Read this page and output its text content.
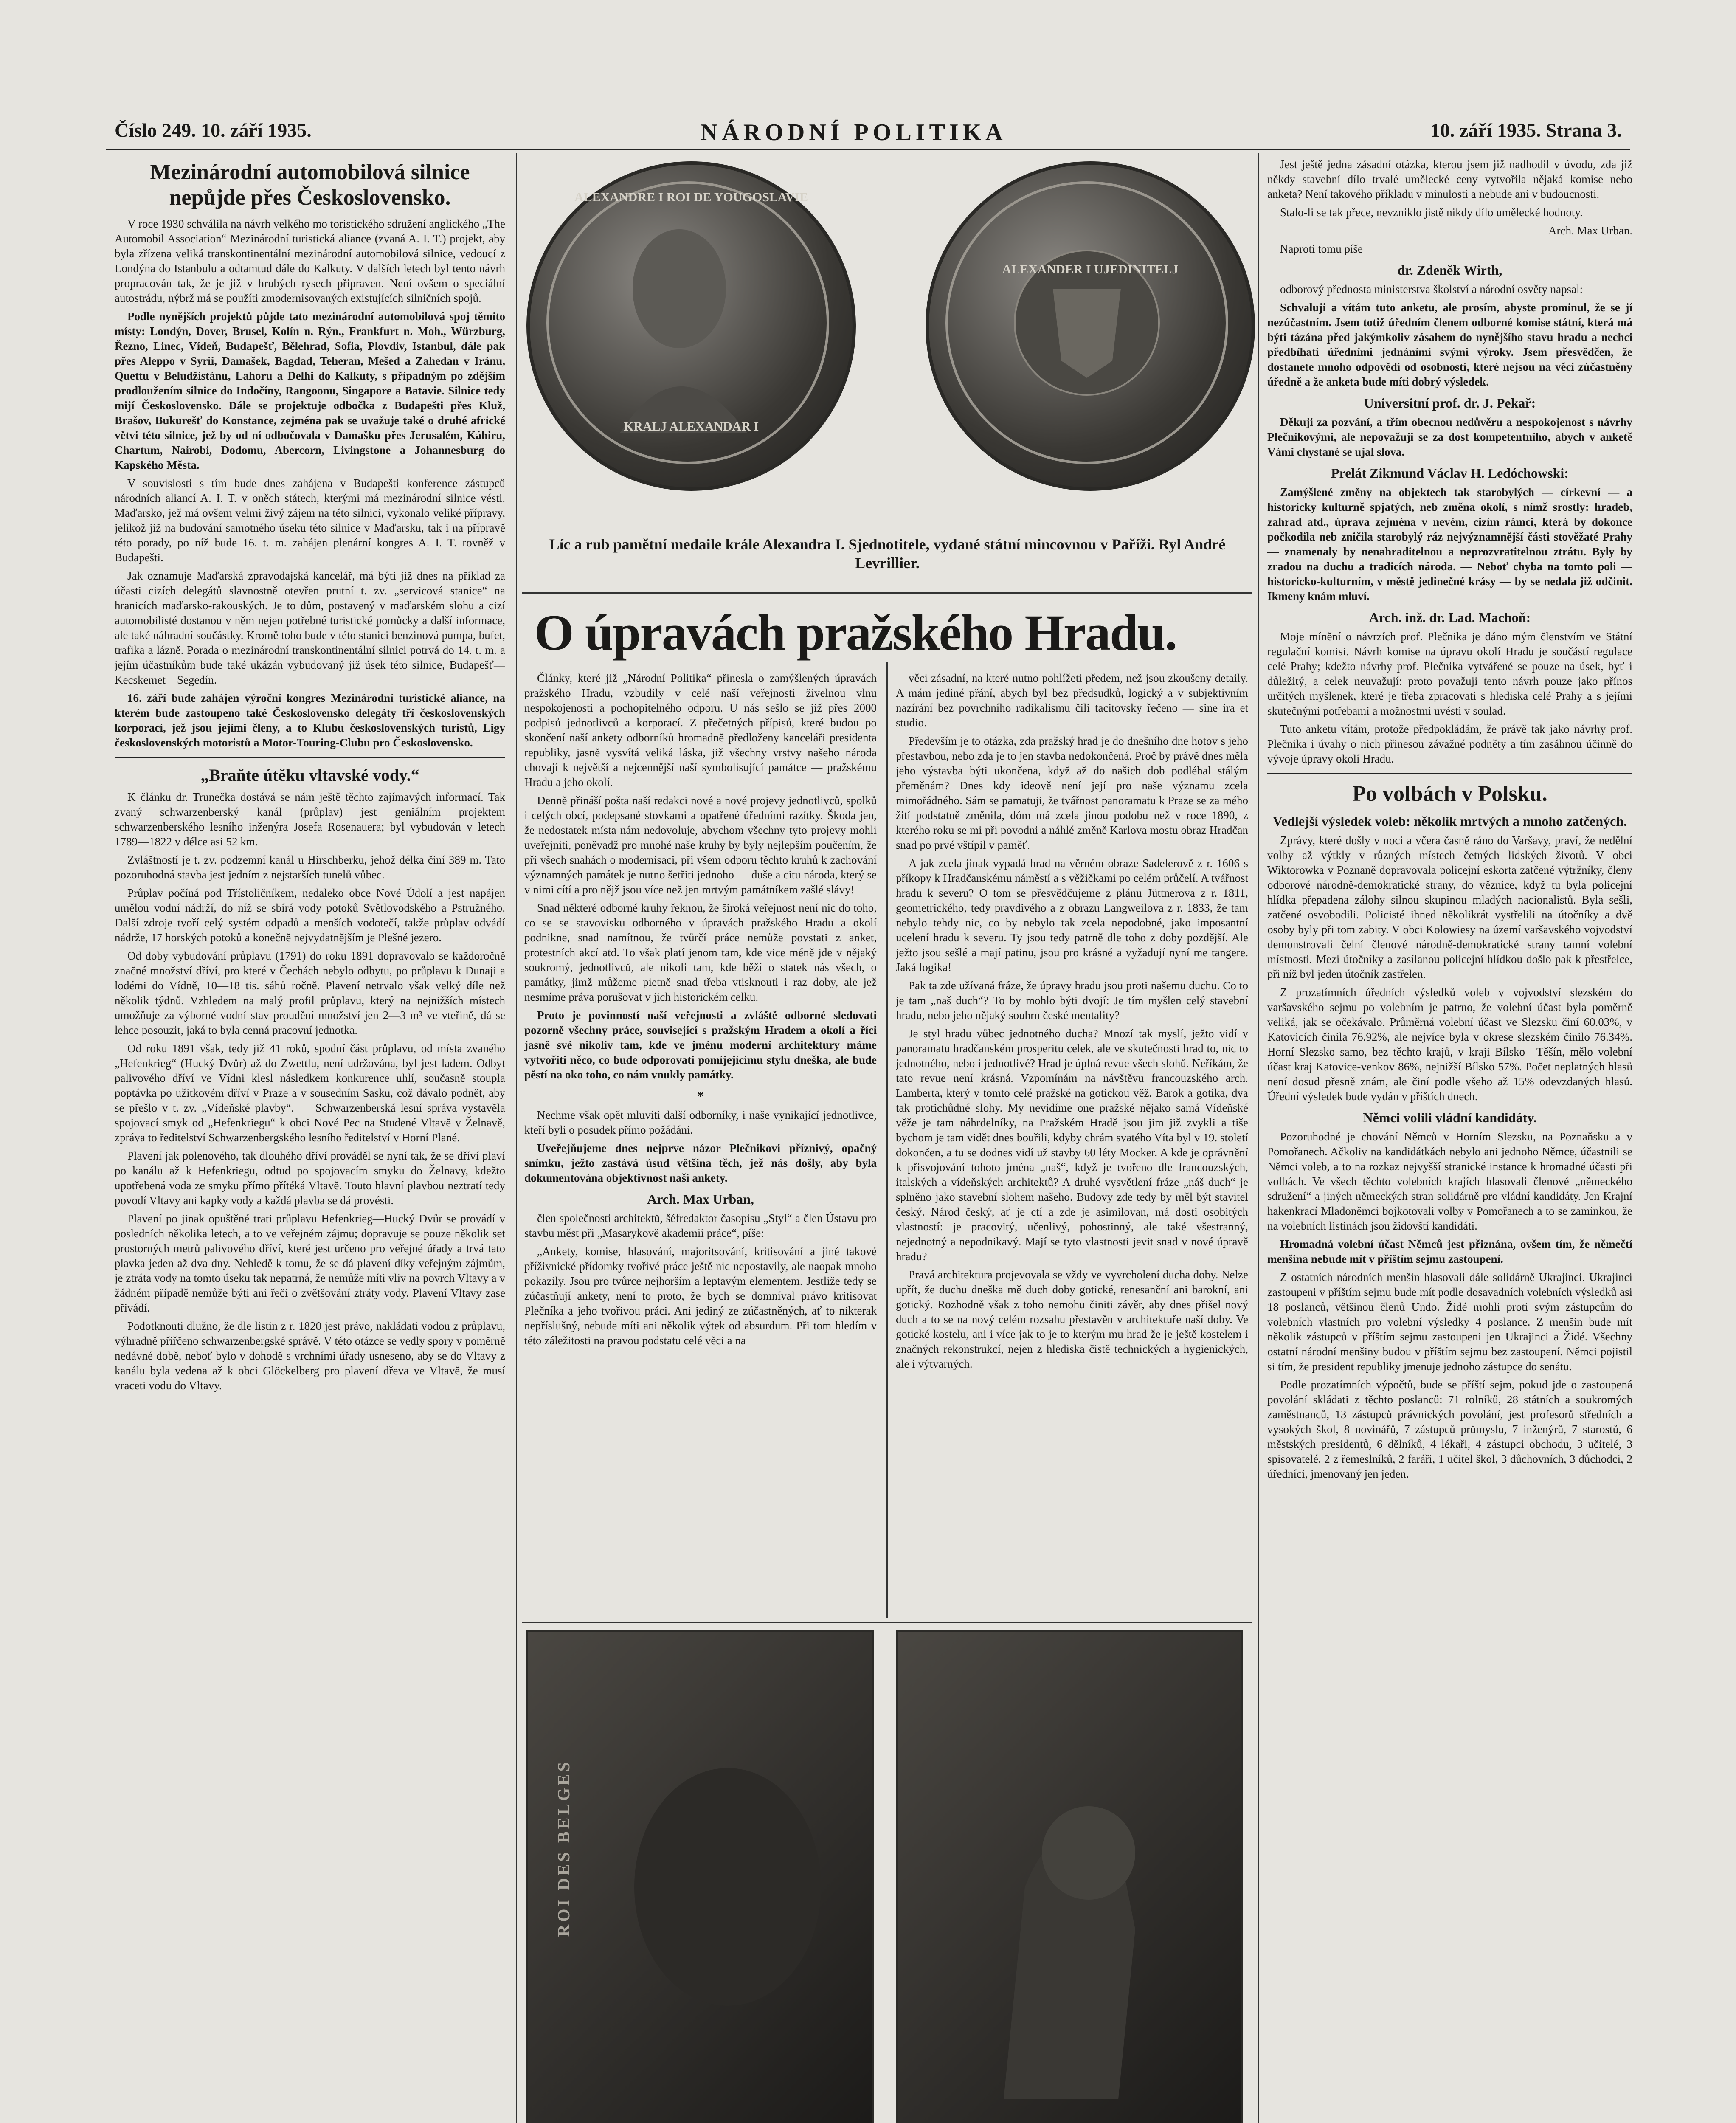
Číslo 249. 10. září 1935.	NÁRODNÍ POLITIKA	10. září 1935. Strana 3.
Mezinárodní automobilová silnice nepůjde přes Československo.

V roce 1930 schválila na návrh velkého mo toristického sdružení anglického „The Automobil Association“ Mezinárodní turistická aliance (zvaná A. I. T.) projekt, aby byla zřízena veliká transkontinentální mezinárodní automobilová silnice, vedoucí z Londýna do Istanbulu a odtamtud dále do Kalkuty. V dalších letech byl tento návrh propracován tak, že je již v hrubých rysech připraven. Není ovšem o speciální autostrádu, nýbrž má se použíti zmodernisovaných existujících silničních spojů.

Podle nynějších projektů půjde tato mezinárodní automobilová spoj těmito místy: Londýn, Dover, Brusel, Kolín n. Rýn., Frankfurt n. Moh., Würzburg, Řezno, Linec, Vídeň, Budapešť, Bělehrad, Sofia, Plovdiv, Istanbul, dále pak přes Aleppo v Syrii, Damašek, Bagdad, Teheran, Mešed a Zahedan v Iránu, Quettu v Beludžistánu, Lahoru a Delhi do Kalkuty, s případným po zdějším prodloužením silnice do Indočíny, Rangoonu, Singapore a Batavie. Silnice tedy mijí Československo. Dále se projektuje odbočka z Budapešti přes Kluž, Brašov, Bukurešť do Konstance, zejména pak se uvažuje také o druhé africké větvi této silnice, jež by od ní odbočovala v Damašku přes Jerusalém, Káhiru, Chartum, Nairobi, Dodomu, Abercorn, Livingstone a Johannesburg do Kapského Města.

V souvislosti s tím bude dnes zahájena v Budapešti konference zástupců národních aliancí A. I. T. v oněch státech, kterými má mezinárodní silnice vésti. Maďarsko, jež má ovšem velmi živý zájem na této silnici, vykonalo veliké přípravy, jelikož již na budování samotného úseku této silnice v Maďarsku, tak i na přípravě této porady, po níž bude 16. t. m. zahájen plenární kongres A. I. T. rovněž v Budapešti.

Jak oznamuje Maďarská zpravodajská kancelář, má býti již dnes na příklad za účasti cizích delegátů slavnostně otevřen prutní t. zv. „servicová stanice“ na hranicích maďarsko-rakouských. Je to dům, postavený v maďarském slohu a cizí automobilisté dostanou v něm nejen potřebné turistické pomůcky a další informace, ale také náhradní součástky. Kromě toho bude v této stanici benzinová pumpa, bufet, trafika a lázně. Porada o mezinárodní transkontinentální silnici potrvá do 14. t. m. a jejím účastníkům bude také ukázán vybudovaný již úsek této silnice, Budapešť—Kecskemet—Segedín.

16. září bude zahájen výroční kongres Mezinárodní turistické aliance, na kterém bude zastoupeno také Československo delegáty tří československých korporací, jež jsou jejími členy, a to Klubu československých turistů, Ligy československých motoristů a Motor-Touring-Clubu pro Československo.

„Braňte útěku vltavské vody.“

K článku dr. Trunečka dostává se nám ještě těchto zajímavých informací. Tak zvaný schwarzenberský kanál (průplav) jest geniálním projektem schwarzenberského lesního inženýra Josefa Rosenauera; byl vybudován v letech 1789—1822 v délce asi 52 km.

Zvláštností je t. zv. podzemní kanál u Hirschberku, jehož délka činí 389 m. Tato pozoruhodná stavba jest jedním z nejstarších tunelů vůbec.

Průplav počíná pod Třístoličníkem, nedaleko obce Nové Údolí a jest napájen umělou vodní nádrží, do níž se sbírá vody potoků Světlovodského a Pstružného. Další zdroje tvoří celý systém odpadů a menších vodotečí, takže průplav odvádí nádrže, 17 horských potoků a konečně nejvydatnějším je Plešné jezero.

Od doby vybudování průplavu (1791) do roku 1891 dopravovalo se každoročně značné množství dříví, pro které v Čechách nebylo odbytu, po průplavu k Dunaji a lodémi do Vídně, 10—18 tis. sáhů ročně. Plavení netrvalo však velký díle než několik týdnů. Vzhledem na malý profil průplavu, který na nejnižších místech umožňuje za výborné vodní stav proudění množství jen 2—3 m³ ve vteřině, dá se lehce posouzit, jaká to byla cenná pracovní jednotka.

Od roku 1891 však, tedy již 41 roků, spodní část průplavu, od místa zvaného „Hefenkrieg“ (Hucký Dvůr) až do Zwettlu, není udržována, byl jest ladem. Odbyt palivového dříví ve Vídni klesl následkem konkurence uhlí, současně stoupla poptávka po užitkovém dříví v Praze a v sousedním Sasku, což dávalo podnět, aby se přešlo v t. zv. „Vídeňské plavby“. — Schwarzenberská lesní správa vystavěla spojovací smyk od „Hefenkriegu“ k obci Nové Pec na Studené Vltavě v Želnavě, zpráva to ředitelství Schwarzenbergského lesního ředitelství v Horní Plané.

Plavení jak polenového, tak dlouhého dříví prováděl se nyní tak, že se dříví plaví po kanálu až k Hefenkriegu, odtud po spojovacím smyku do Želnavy, kdežto upotřebená voda ze smyku přímo přítéká Vltavě. Touto hlavní plavbou neztratí tedy povodí Vltavy ani kapky vody a každá plavba se dá provésti.

Plavení po jinak opuštěné trati průplavu Hefenkrieg—Hucký Dvůr se provádí v posledních několika letech, a to ve veřejném zájmu; dopravuje se pouze několik set prostorných metrů palivového dříví, které jest určeno pro veřejné úřady a trvá tato plavka jeden až dva dny. Nehledě k tomu, že se dá plavení díky veřejným zájmům, je ztráta vody na tomto úseku tak nepatrná, že nemůže míti vliv na povrch Vltavy a v žádném případě nemůže býti ani řeči o zvětšování ztráty vody. Plavení Vltavy zase přivádí.

Podotknouti dlužno, že dle listin z r. 1820 jest právo, nakládati vodou z průplavu, výhradně přiřčeno schwarzenbergské správě. V této otázce se vedly spory v poměrně nedávné době, neboť bylo v dohodě s vrchními úřady usneseno, aby se do Vltavy z kanálu byla vedena až k obci Glöckelberg pro plavení dřeva ve Vltavě, že musí vraceti vodu do Vltavy.

ALEXANDRE I ROI DE YOUGOSLAVIE
KRALJ ALEXANDAR I
ALEXANDER I UJEDINITELJ
Líc a rub pamětní medaile krále Alexandra I. Sjednotitele, vydané státní mincovnou v Paříži. Ryl André Levrillier.
O úpravách pražského Hradu.

Články, které již „Národní Politika“ přinesla o zamýšlených úpravách pražského Hradu, vzbudily v celé naší veřejnosti živelnou vlnu nespokojenosti a pochopitelného odporu. U nás sešlo se již přes 2000 podpisů jednotlivců a korporací. Z přečetných přípisů, které budou po skončení naší ankety odborníků hromadně předloženy kanceláři presidenta republiky, jasně vysvítá veliká láska, již všechny vrstvy našeho národa chovají k největší a nejcennější naší symbolisující památce — pražskému Hradu a jeho okolí.

Denně přináší pošta naší redakci nové a nové projevy jednotlivců, spolků i celých obcí, podepsané stovkami a opatřené úředními razítky. Škoda jen, že nedostatek místa nám nedovoluje, abychom všechny tyto projevy mohli uveřejniti, poněvadž pro mnohé naše kruhy by byly nejlepším poučením, že při všech snahách o modernisaci, při všem odporu těchto kruhů k zachování významných památek je nutno šetřiti jednoho — duše a citu národa, který se v nimi cítí a pro nějž jsou více než jen mrtvým památníkem zašlé slávy!

Snad některé odborné kruhy řeknou, že široká veřejnost není nic do toho, co se se stavovisku odborného v úpravách pražského Hradu a okolí podnikne, snad namítnou, že tvůrčí práce nemůže povstati z anket, protestních akcí atd. To však platí jenom tam, kde vice méně jde v nějaký soukromý, jednotlivců, ale nikoli tam, kde běží o statek nás všech, o památky, jimž můžeme pietně snad třeba vtisknouti i raz doby, ale jež nesmíme práva porušovat v jich historickém celku.

Proto je povinností naší veřejnosti a zvláště odborné sledovati pozorně všechny práce, související s pražským Hradem a okolí a říci jasně své nikoliv tam, kde ve jménu moderní architektury máme vytvořiti něco, co bude odporovati pomíjejícímu stylu dneška, ale bude pěstí na oko toho, co nám vnukly památky.

*

Nechme však opět mluviti další odborníky, i naše vynikající jednotlivce, kteří byli o posudek přímo požádáni.

Uveřejňujeme dnes nejprve názor Plečnikovi příznivý, opačný snímku, ježto zastává úsud většina těch, jež nás došly, aby byla dokumentována objektivnost naší ankety.

Arch. Max Urban,

člen společnosti architektů, šéfredaktor časopisu „Styl“ a člen Ústavu pro stavbu měst při „Masarykově akademii práce“, píše:

„Ankety, komise, hlasování, majoritsování, kritisování a jiné takové příživnické přídomky tvořivé práce ještě nic nepostavily, ale naopak mnoho pokazily. Jsou pro tvůrce nejhorším a leptavým elementem. Jestliže tedy se zúčastňují ankety, není to proto, že bych se domníval právo kritisovat Plečníka a jeho tvořivou práci. Ani jediný ze zúčastněných, ať to nikterak nepříslušný, nebude míti ani několik výtek od absurdum. Při tom hledím v této záležitosti na pravou podstatu celé věci a na

věci zásadní, na které nutno pohlížeti předem, než jsou zkoušeny detaily. A mám jediné přání, abych byl bez předsudků, logický a v subjektivním nazírání bez povrchního radikalismu čili tacitovsky řečeno — sine ira et studio.

Především je to otázka, zda pražský hrad je do dnešního dne hotov s jeho přestavbou, nebo zda je to jen stavba nedokončená. Proč by právě dnes měla jeho výstavba býti ukončena, když až do našich dob podléhal stálým přeměnám? Dnes kdy ideově není její pro naše významu zcela mimořádného. Sám se pamatuji, že tvářnost panoramatu k Praze se za mého žití podstatně změnila, dóm má zcela jinou podobu než v roce 1890, z kterého roku se mi při povodni a náhlé změně Karlova mostu obraz Hradčan snad po prvé vštípil v paměť.

A jak zcela jinak vypadá hrad na věrném obraze Sadelerově z r. 1606 s příkopy k Hradčanskému náměstí a s věžičkami po celém průčelí. A tvářnost hradu k severu? O tom se přesvědčujeme z plánu Jüttnerova z r. 1811, geometrického, tedy pravdivého a z obrazu Langweilova z r. 1833, že tam nebylo tehdy nic, co by nebylo tak zcela nepodobné, jako imposantní ucelení hradu k severu. Ty jsou tedy patrně dle toho z doby pozdější. Ale ježto jsou sešlé a mají patinu, jsou pro krásné a vyžadují nyní me tangere. Jaká logika!

Pak ta zde užívaná fráze, že úpravy hradu jsou proti našemu duchu. Co to je tam „naš duch“? To by mohlo býti dvojí: Je tím myšlen celý stavební hradu, nebo jeho nějaký souhrn české mentality?

Je styl hradu vůbec jednotného ducha? Mnozí tak myslí, ježto vidí v panoramatu hradčanském prosperitu celek, ale ve skutečnosti hrad to, nic to jednotného, nebo i jednotlivé? Hrad je úplná revue všech slohů. Neříkám, že tato revue není krásná. Vzpomínám na návštěvu francouzského arch. Lamberta, který v tomto celé pražské na gotickou věž. Barok a gotika, dva tak protichůdné slohy. My nevidíme one pražské nějako samá Vídeňské věže je tam náhrdelníky, na Pražském Hradě jsou jim již zvykli a tiše bychom je tam vidět dnes bouřili, kdyby chrám svatého Víta byl v 19. století dokončen, a tu se dodnes vidí už stavby 60 léty Mocker. A kde je oprávnění k přisvojování tohoto jména „naš“, když je tvořeno dle francouzských, italských a vídeňských architektů? A druhé vysvětlení fráze „náš duch“ je splněno jako stavební slohem našeho. Budovy zde tedy by měl být stavitel český. Národ český, ať je ctí a zde je asimilovan, má dosti osobitých vlastností: je pracovitý, učenlivý, pohostinný, ale také všestranný, nejednotný a nepodnikavý. Mají se tyto vlastnosti jevit snad v nové úpravě hradu?

Pravá architektura projevovala se vždy ve vyvrcholení ducha doby. Nelze upřít, že duchu dneška mě duch doby gotické, renesanční ani barokní, ani gotický. Rozhodně však z toho nemohu činiti závěr, aby dnes přišel nový duch a to se na nový celém rozsahu přestavěn v architektuře naší doby. Ve gotické kostelu, ani i více jak to je to kterým mu hrad že je ještě kostelem i značných rekonstrukcí, nejen z hlediska čistě technických a hygienických, ale i výtvarných.

ROI DES BELGES

Jest ještě jedna zásadní otázka, kterou jsem již nadhodil v úvodu, zda již někdy stavební dílo trvalé umělecké ceny vytvořila nějaká komise nebo anketa? Není takového příkladu v minulosti a nebude ani v budoucnosti.

Stalo-li se tak přece, nevzniklo jistě nikdy dílo umělecké hodnoty.

Arch. Max Urban.

Naproti tomu píše

dr. Zdeněk Wirth,

odborový přednosta ministerstva školství a národní osvěty napsal:

Schvaluji a vítám tuto anketu, ale prosím, abyste prominul, že se jí nezúčastním. Jsem totiž úředním členem odborné komise státní, která má býti tázána před jakýmkoliv zásahem do nynějšího stavu hradu a nechci předbíhati úředními jednáními svými výroky. Jsem přesvědčen, že dostanete mnoho odpovědí od osobností, které nejsou na věci zúčastněny úředně a že anketa bude míti dobrý výsledek.

Universitní prof. dr. J. Pekař:

Děkuji za pozvání, a třím obecnou nedůvěru a nespokojenost s návrhy Plečnikovými, ale nepovažuji se za dost kompetentního, abych v anketě Vámi chystané se ujal slova.

Prelát Zikmund Václav H. Ledóchowski:

Zamýšlené změny na objektech tak starobylých — církevní — a historicky kulturně spjatých, neb změna okolí, s nímž srostly: hradeb, zahrad atd., úprava zejména v nevém, cizím rámci, která by dokonce počkodila neb zničila starobylý ráz nejvýznamnější části stověžaté Prahy — znamenaly by nenahraditelnou a neprozvratitelnou ztrátu. Byly by zradou na duchu a tradicích národa. — Neboť chyba na tomto poli — historicko-kulturním, v městě jedinečné krásy — by se nedala již odčinit. Ikmeny knám mluví.

Arch. inž. dr. Lad. Machoň:

Moje mínění o návrzích prof. Plečnika je dáno mým členstvím ve Státní regulační komisi. Návrh komise na úpravu okolí Hradu je součástí regulace celé Prahy; kdežto návrhy prof. Plečnika vytvářené se pouze na úsek, byť i důležitý, a celek neuvažují: proto považuji tento návrh pouze jako přínos určitých myšlenek, které je třeba zpracovati s hlediska celé Prahy a s jejími skutečnými potřebami a možnostmi uvésti v soulad.

Tuto anketu vítám, protože předpokládám, že právě tak jako návrhy prof. Plečnika i úvahy o nich přinesou závažné podněty a tím zasáhnou účinně do vývoje úpravy okolí Hradu.

Po volbách v Polsku.
Vedlejší výsledek voleb: několik mrtvých a mnoho zatčených.

Zprávy, které došly v noci a včera časně ráno do Varšavy, praví, že nedělní volby až výtkly v různých místech četných lidských životů. V obci Wiktorowka v Poznaně dopravovala policejní eskorta zatčené výtržníky, členy odborové národně-demokratické strany, do věznice, když tu byla policejní hlídka přepadena zálohy silnou skupinou mladých nacionalistů. Byla sešli, zatčené osvobodili. Policisté ihned několikrát vystřelili na útočníky a dvě osoby byly při tom zabity. V obci Kolowiesy na území varšavského vojvodství demonstrovali čelní členové národně-demokratické strany tamní volební místnosti. Mezi útočníky a zasílanou policejní hlídkou došlo pak k přestřelce, při níž byl jeden útočník zastřelen.

Z prozatímních úředních výsledků voleb v vojvodství slezském do varšavského sejmu po volebním je patrno, že volební účast byla poměrně veliká, jak se očekávalo. Průměrná volební účast ve Slezsku činí 60.03%, v Katovicích činila 76.92%, ale nejvíce byla v okrese slezském činilo 76.34%. Horní Slezsko samo, bez těchto krajů, v kraji Bílsko—Těšín, mělo volební účast kraj Katovice-venkov 86%, nejnižší Bílsko 57%. Počet neplatných hlasů není dosud přesně znám, ale činí podle všeho až 15% odevzdaných hlasů. Úřední výsledek bude vydán v příštích dnech.

Němci volili vládní kandidáty.

Pozoruhodné je chování Němců v Horním Slezsku, na Poznaňsku a v Pomořanech. Ačkoliv na kandidátkách nebylo ani jednoho Němce, účastnili se Němci voleb, a to na rozkaz nejvyšší stranické instance k hromadné účasti při volbách. Ve všech těchto volebních krajích hlasovali členové „německého sdružení“ a jiných německých stran solidárně pro vládní kandidáty. Jen Krajní hakenkrací Mladoněmci bojkotovali volby v Pomořanech a to se zaminkou, že na volebních listinách jsou židovští kandidáti.

Hromadná volební účast Němců jest přiznána, ovšem tím, že němečtí menšina nebude mít v příštím sejmu zastoupení.

Z ostatních národních menšin hlasovali dále solidárně Ukrajinci. Ukrajinci zastoupeni v příštím sejmu bude mít podle dosavadních volebních výsledků asi 18 poslanců, většinou členů Undo. Židé mohli proti svým zástupcům do volebních vlastních pro volební výsledky 4 poslance. Z menšin bude mít několik zástupců v příštím sejmu zastoupeni jen Ukrajinci a Židé. Všechny ostatní národní menšiny budou v příštím sejmu bez zastoupení. Němci pojistil si tím, že president republiky jmenuje jednoho zástupce do senátu.

Podle prozatímních výpočtů, bude se příští sejm, pokud jde o zastoupená povolání skládati z těchto poslanců: 71 rolníků, 28 státních a soukromých zaměstnanců, 13 zástupců právnických povolání, jest profesorů středních a vysokých škol, 8 novinářů, 7 zástupců průmyslu, 7 inženýrů, 7 starostů, 6 městských presidentů, 6 dělníků, 4 lékaři, 4 zástupci obchodu, 3 učitelé, 3 spisovatelé, 2 z řemeslníků, 2 faráři, 1 učitel škol, 3 důchovních, 3 důchodci, 2 úředníci, jmenovaný jen jeden.
